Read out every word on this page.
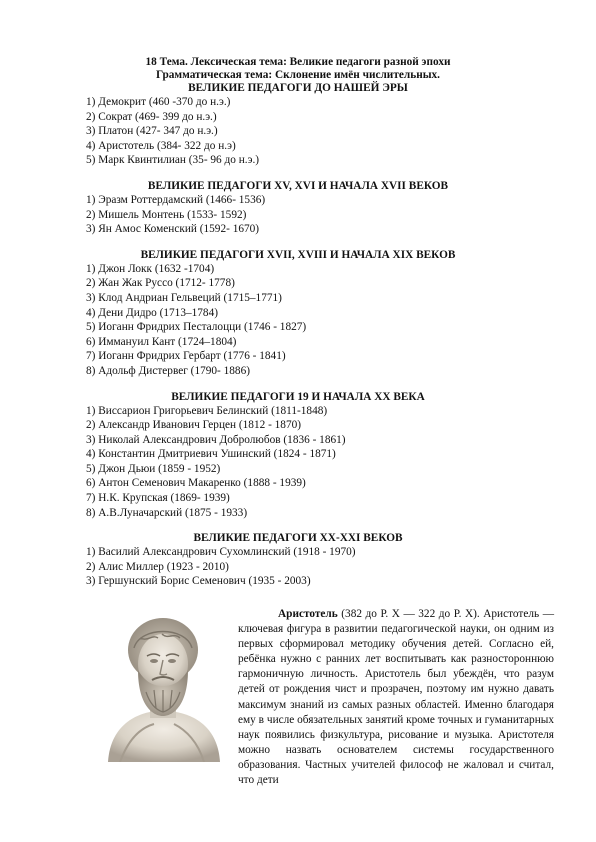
18 Тема. Лексическая тема: Великие педагоги разной эпохи
Грамматическая тема: Склонение имён числительных.
ВЕЛИКИЕ ПЕДАГОГИ ДО НАШЕЙ ЭРЫ
1) Демокрит (460 -370 до н.э.)
2) Сократ (469- 399 до н.э.)
3) Платон (427- 347 до н.э.)
4) Аристотель (384- 322 до н.э)
5) Марк Квинтилиан (35- 96 до н.э.)
ВЕЛИКИЕ ПЕДАГОГИ XV, XVI И НАЧАЛА XVII ВЕКОВ
1) Эразм Роттердамский (1466- 1536)
2) Мишель Монтень (1533- 1592)
3) Ян Амос Коменский (1592- 1670)
ВЕЛИКИЕ ПЕДАГОГИ XVII, XVIII И НАЧАЛА XIX ВЕКОВ
1) Джон Локк (1632 -1704)
2) Жан Жак Руссо (1712- 1778)
3) Клод Андриан Гельвеций (1715–1771)
4) Дени Дидро (1713–1784)
5) Иоганн Фридрих Песталоцци (1746 - 1827)
6) Иммануил Кант (1724–1804)
7) Иоганн Фридрих Гербарт (1776 - 1841)
8) Адольф Дистервег (1790- 1886)
ВЕЛИКИЕ ПЕДАГОГИ 19 И НАЧАЛА XX ВЕКА
1) Виссарион Григорьевич Белинский (1811-1848)
2) Александр Иванович Герцен (1812 - 1870)
3) Николай Александрович Добролюбов (1836 - 1861)
4) Константин Дмитриевич Ушинский (1824 - 1871)
5) Джон Дьюи (1859 - 1952)
6) Антон Семенович Макаренко (1888 - 1939)
7) Н.К. Крупская (1869- 1939)
8) А.В.Луначарский (1875 - 1933)
ВЕЛИКИЕ ПЕДАГОГИ XX-XXI ВЕКОВ
1) Василий Александрович Сухомлинский (1918 - 1970)
2) Алис Миллер (1923 - 2010)
3) Гершунский Борис Семенович (1935 - 2003)
Аристотель (382 до Р. Х — 322 до Р. Х). Аристотель — ключевая фигура в развитии педагогической науки, он одним из первых сформировал методику обучения детей. Согласно ей, ребёнка нужно с ранних лет воспитывать как разностороннюю гармоничную личность. Аристотель был убеждён, что разум детей от рождения чист и прозрачен, поэтому им нужно давать максимум знаний из самых разных областей. Именно благодаря ему в числе обязательных занятий кроме точных и гуманитарных наук появились физкультура, рисование и музыка. Аристотеля можно назвать основателем системы государственного образования. Частных учителей философ не жаловал и считал, что дети
